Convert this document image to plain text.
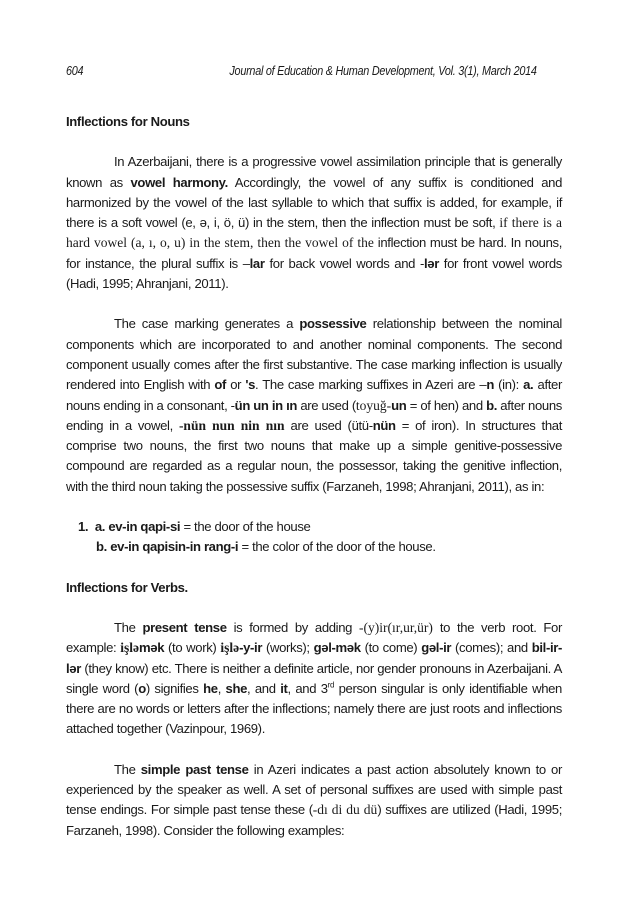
604	Journal of Education & Human Development, Vol. 3(1), March 2014
Inflections for Nouns
In Azerbaijani, there is a progressive vowel assimilation principle that is generally known as vowel harmony. Accordingly, the vowel of any suffix is conditioned and harmonized by the vowel of the last syllable to which that suffix is added, for example, if there is a soft vowel (e, ə, i, ö, ü) in the stem, then the inflection must be soft, if there is a hard vowel (a, ı, o, u) in the stem, then the vowel of the inflection must be hard. In nouns, for instance, the plural suffix is –lar for back vowel words and -lər for front vowel words (Hadi, 1995; Ahranjani, 2011).
The case marking generates a possessive relationship between the nominal components which are incorporated to and another nominal components. The second component usually comes after the first substantive. The case marking inflection is usually rendered into English with of or 's. The case marking suffixes in Azeri are –n (in): a. after nouns ending in a consonant, -ün un in ın are used (toyuğ-un = of hen) and b. after nouns ending in a vowel, -nün nun nin nın are used (ütü-nün = of iron). In structures that comprise two nouns, the first two nouns that make up a simple genitive-possessive compound are regarded as a regular noun, the possessor, taking the genitive inflection, with the third noun taking the possessive suffix (Farzaneh, 1998; Ahranjani, 2011), as in:
1. a. ev-in qapi-si = the door of the house
b. ev-in qapisin-in rang-i = the color of the door of the house.
Inflections for Verbs.
The present tense is formed by adding -(y)ir(ır,ur,ür) to the verb root. For example: işləmək (to work) işlə-y-ir (works); gəl-mək (to come) gəl-ir (comes); and bil-ir-lər (they know) etc. There is neither a definite article, nor gender pronouns in Azerbaijani. A single word (o) signifies he, she, and it, and 3rd person singular is only identifiable when there are no words or letters after the inflections; namely there are just roots and inflections attached together (Vazinpour, 1969).
The simple past tense in Azeri indicates a past action absolutely known to or experienced by the speaker as well. A set of personal suffixes are used with simple past tense endings. For simple past tense these (-dı di du dü) suffixes are utilized (Hadi, 1995; Farzaneh, 1998). Consider the following examples:
